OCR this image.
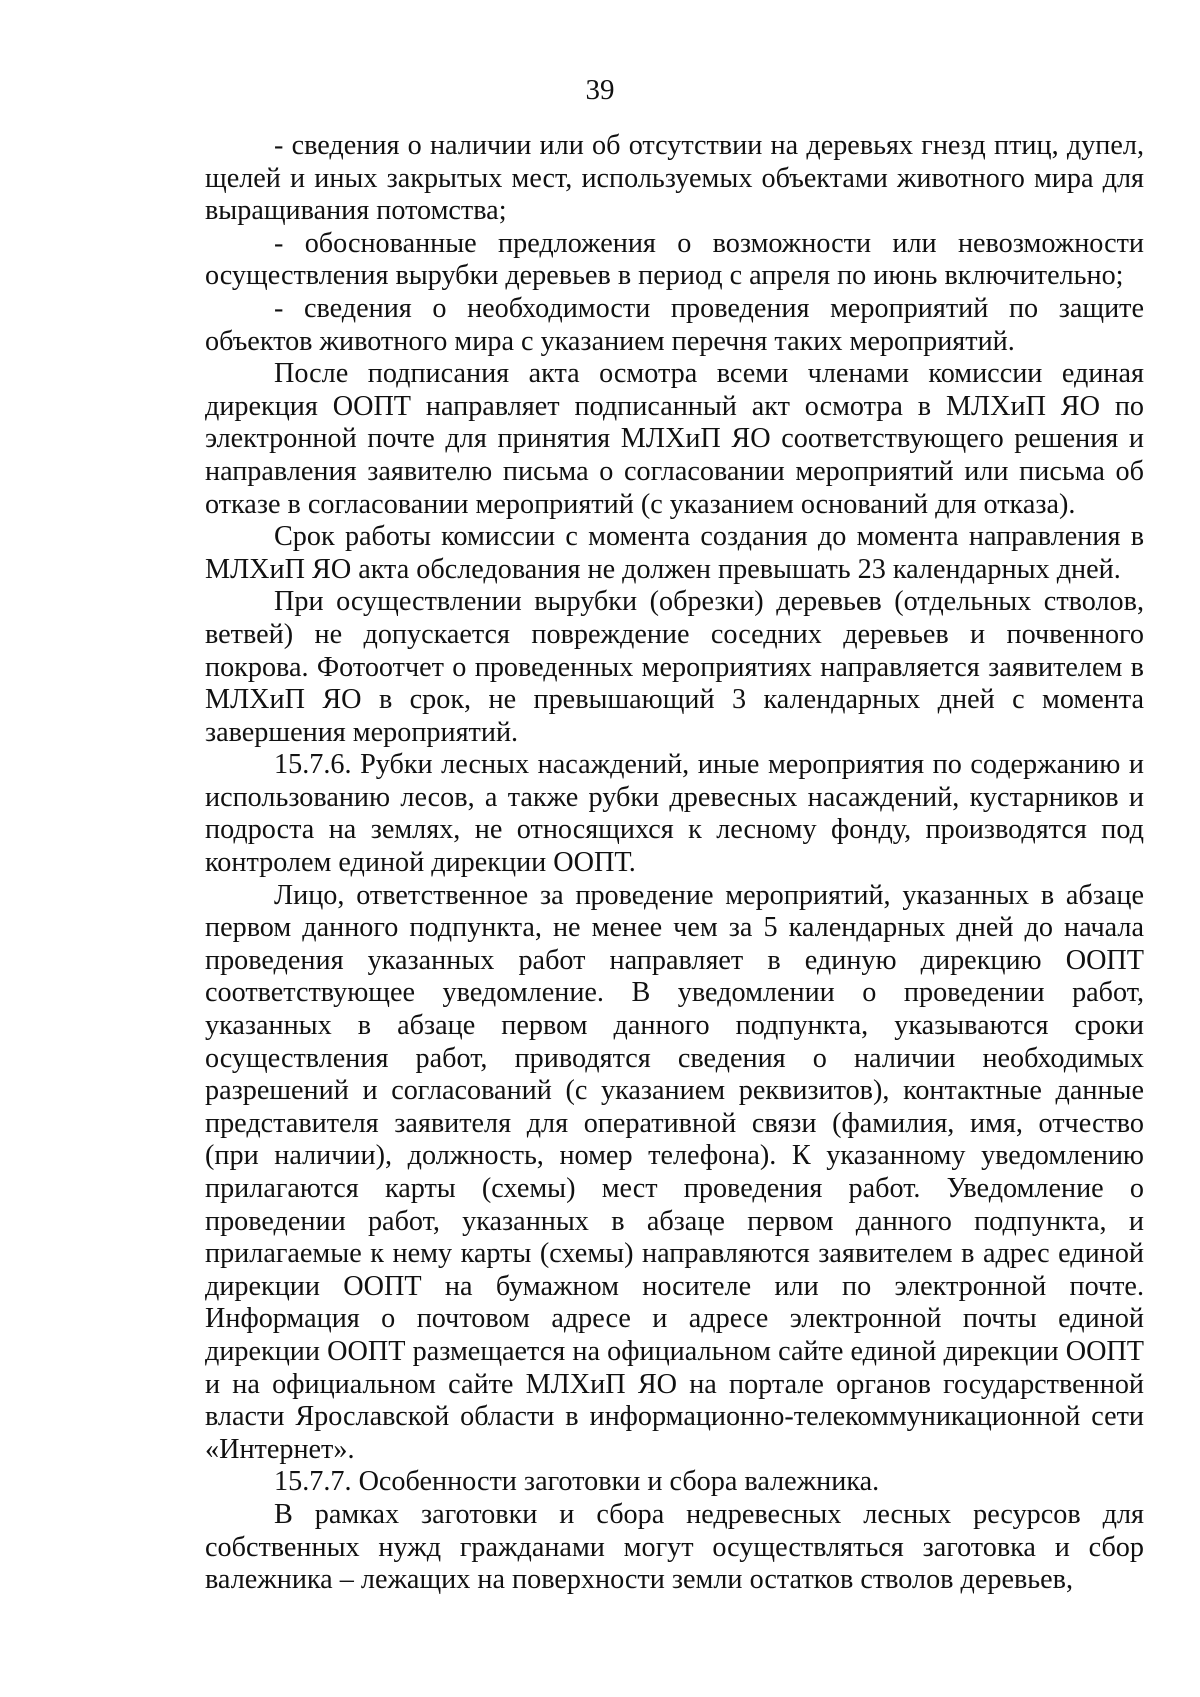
39

- сведения о наличии или об отсутствии на деревьях гнезд птиц, дупел, щелей и иных закрытых мест, используемых объектами животного мира для выращивания потомства;

- обоснованные предложения о возможности или невозможности осуществления вырубки деревьев в период с апреля по июнь включительно;

- сведения о необходимости проведения мероприятий по защите объектов животного мира с указанием перечня таких мероприятий.

После подписания акта осмотра всеми членами комиссии единая дирекция ООПТ направляет подписанный акт осмотра в МЛХиП ЯО по электронной почте для принятия МЛХиП ЯО соответствующего решения и направления заявителю письма о согласовании мероприятий или письма об отказе в согласовании мероприятий (с указанием оснований для отказа).

Срок работы комиссии с момента создания до момента направления в МЛХиП ЯО акта обследования не должен превышать 23 календарных дней.

При осуществлении вырубки (обрезки) деревьев (отдельных стволов, ветвей) не допускается повреждение соседних деревьев и почвенного покрова. Фотоотчет о проведенных мероприятиях направляется заявителем в МЛХиП ЯО в срок, не превышающий 3 календарных дней с момента завершения мероприятий.

15.7.6. Рубки лесных насаждений, иные мероприятия по содержанию и использованию лесов, а также рубки древесных насаждений, кустарников и подроста на землях, не относящихся к лесному фонду, производятся под контролем единой дирекции ООПТ.

Лицо, ответственное за проведение мероприятий, указанных в абзаце первом данного подпункта, не менее чем за 5 календарных дней до начала проведения указанных работ направляет в единую дирекцию ООПТ соответствующее уведомление. В уведомлении о проведении работ, указанных в абзаце первом данного подпункта, указываются сроки осуществления работ, приводятся сведения о наличии необходимых разрешений и согласований (с указанием реквизитов), контактные данные представителя заявителя для оперативной связи (фамилия, имя, отчество (при наличии), должность, номер телефона). К указанному уведомлению прилагаются карты (схемы) мест проведения работ. Уведомление о проведении работ, указанных в абзаце первом данного подпункта, и прилагаемые к нему карты (схемы) направляются заявителем в адрес единой дирекции ООПТ на бумажном носителе или по электронной почте. Информация о почтовом адресе и адресе электронной почты единой дирекции ООПТ размещается на официальном сайте единой дирекции ООПТ и на официальном сайте МЛХиП ЯО на портале органов государственной власти Ярославской области в информационно-телекоммуникационной сети «Интернет».

15.7.7. Особенности заготовки и сбора валежника.

В рамках заготовки и сбора недревесных лесных ресурсов для собственных нужд гражданами могут осуществляться заготовка и сбор валежника – лежащих на поверхности земли остатков стволов деревьев,
